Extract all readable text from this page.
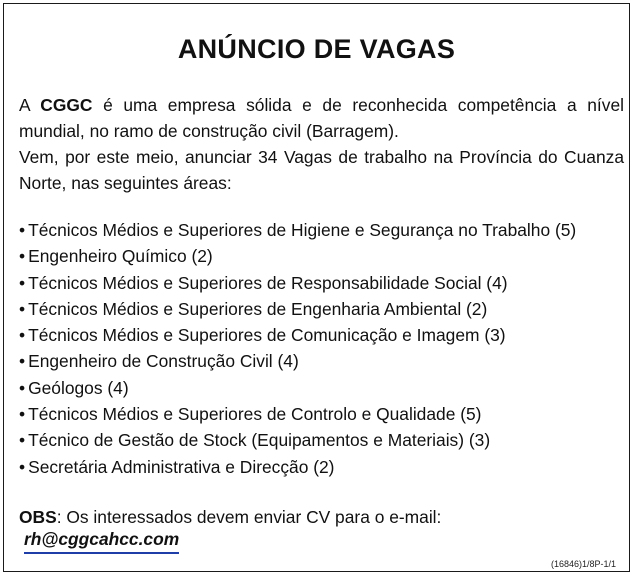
ANÚNCIO DE VAGAS

A CGGC é uma empresa sólida e de reconhecida competência a nível mundial, no ramo de construção civil (Barragem).

Vem, por este meio, anunciar 34 Vagas de trabalho na Província do Cuanza Norte, nas seguintes áreas:

• Técnicos Médios e Superiores de Higiene e Segurança no Trabalho (5)
• Engenheiro Químico (2)
• Técnicos Médios e Superiores de Responsabilidade Social (4)
• Técnicos Médios e Superiores de Engenharia Ambiental (2)
• Técnicos Médios e Superiores de Comunicação e Imagem (3)
• Engenheiro de Construção Civil (4)
• Geólogos (4)
• Técnicos Médios e Superiores de Controlo e Qualidade (5)
• Técnico de Gestão de Stock (Equipamentos e Materiais) (3)
• Secretária Administrativa e Direcção (2)
OBS: Os interessados devem enviar CV para o e-mail:
rh@cggcahcc.com
(16846)1/8P-1/1
